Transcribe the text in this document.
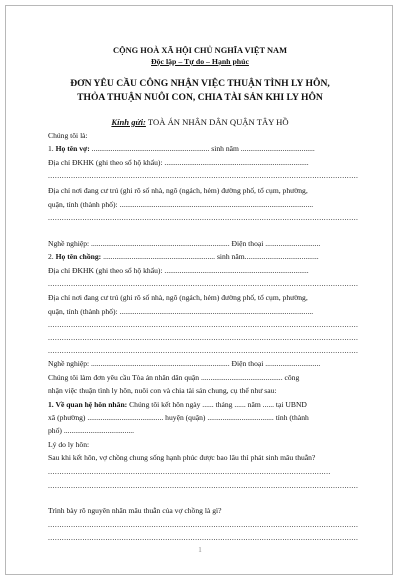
CỘNG HOÀ XÃ HỘI CHỦ NGHĨA VIỆT NAM
Độc lập – Tự do – Hạnh phúc
ĐƠN YÊU CẦU CÔNG NHẬN VIỆC THUẬN TÌNH LY HÔN,
THỎA THUẬN NUÔI CON, CHIA TÀI SẢN KHI LY HÔN
Kính gửi: TOÀ ÁN NHÂN DÂN QUẬN TÂY HỒ
Chúng tôi là:
1. Họ tên vợ: .............................................................. sinh năm .......................................
Địa chỉ ĐKHK (ghi theo sổ hộ khẩu): ............................................................................
.......................................................................................................................................
Địa chỉ nơi đang cư trú (ghi rõ số nhà, ngõ (ngách, hẻm) đường phố, tổ cụm, phường,
quận, tỉnh (thành phố): ......................................................................................................
.......................................................................................................................................
Nghề nghiệp: ......................................................................... Điện thoại .............................
2. Họ tên chồng: ........................................................... sinh năm.......................................
Địa chỉ ĐKHK (ghi theo sổ hộ khẩu): ............................................................................
.......................................................................................................................................
Địa chỉ nơi đang cư trú (ghi rõ số nhà, ngõ (ngách, hẻm) đường phố, tổ cụm, phường,
quận, tỉnh (thành phố): ......................................................................................................
.......................................................................................................................................
.......................................................................................................................................
.......................................................................................................................................
Nghề nghiệp: ......................................................................... Điện thoại .............................
Chúng tôi làm đơn yêu cầu Tòa án nhân dân quận ........................................... công
nhận việc thuận tình ly hôn, nuôi con và chia tài sản chung, cụ thể như sau:
1. Về quan hệ hôn nhân: Chúng tôi kết hôn ngày ...... tháng ...... năm ...... tại UBND
xã (phường) ........................................ huyện (quận) ................................... tỉnh (thành
phố) .....................................
Lý do ly hôn:
Sau khi kết hôn, vợ chồng chung sống hạnh phúc được bao lâu thì phát sinh mâu thuẫn?
...........................................................................................................................
.......................................................................................................................................
Trình bày rõ nguyên nhân mâu thuẫn của vợ chồng là gì?
.......................................................................................................................................
.......................................................................................................................................
1
